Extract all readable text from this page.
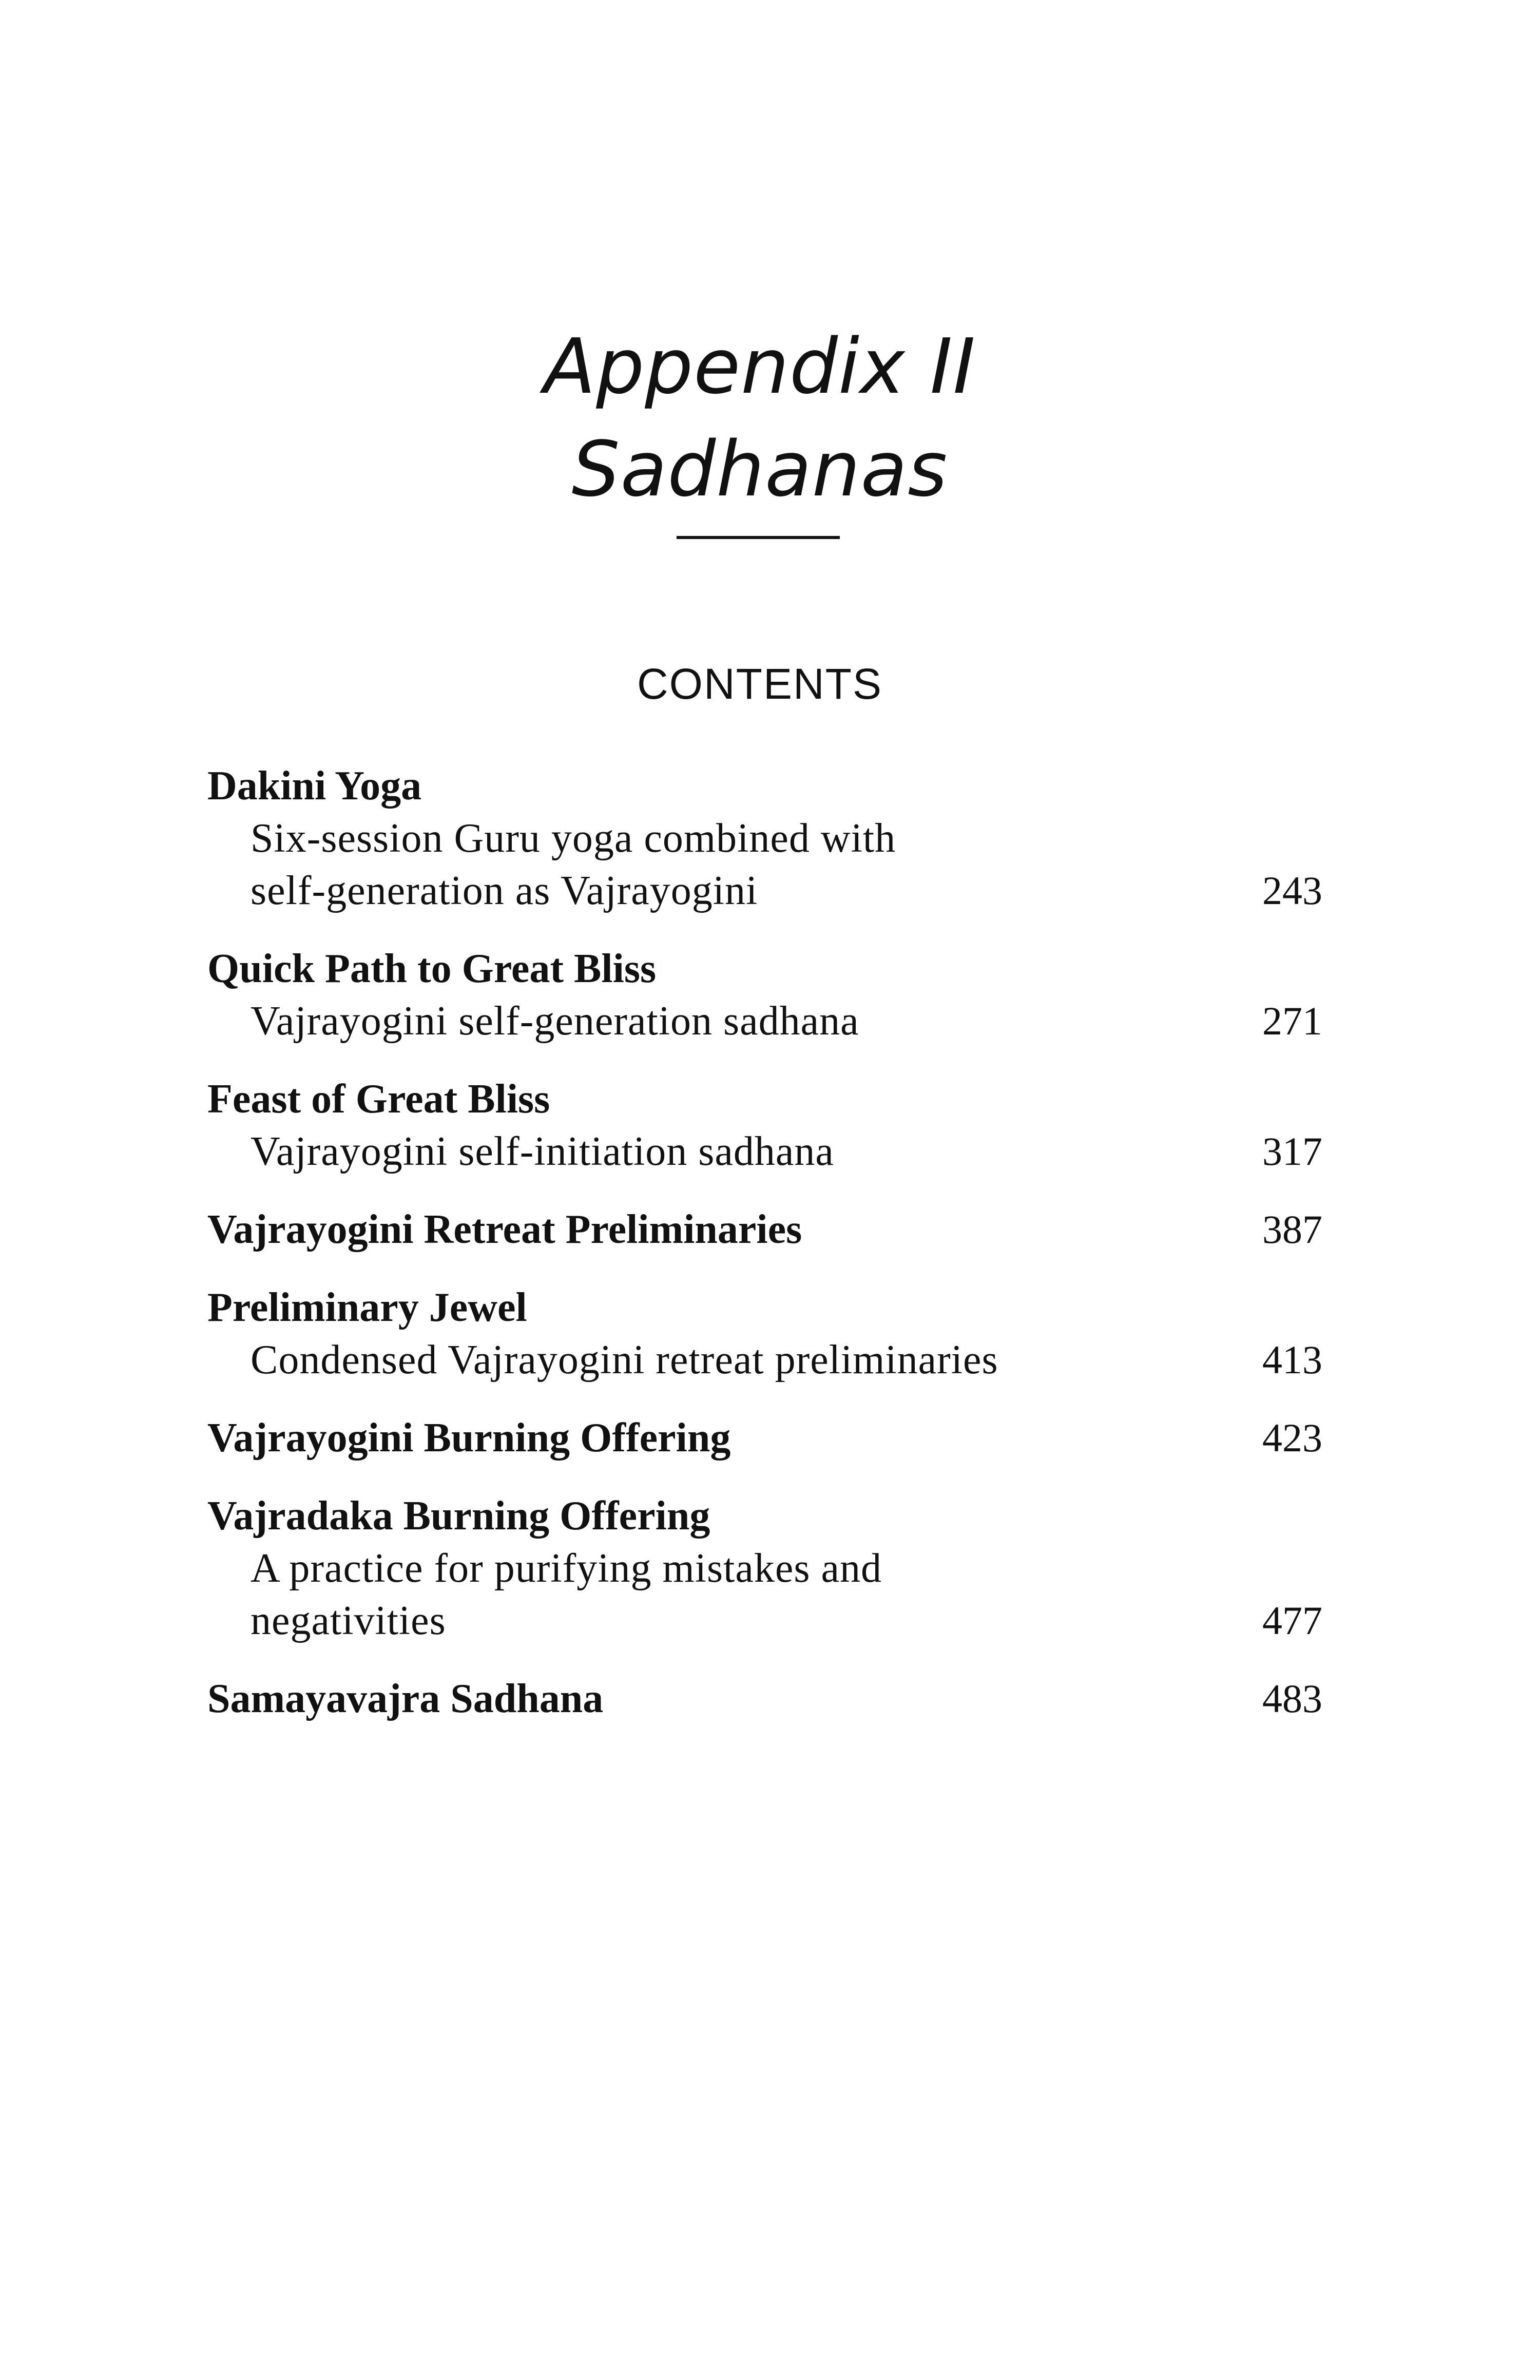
Appendix II
Sadhanas
CONTENTS
Dakini Yoga
Six-session Guru yoga combined with
self-generation as Vajrayogini	243
Quick Path to Great Bliss
Vajrayogini self-generation sadhana	271
Feast of Great Bliss
Vajrayogini self-initiation sadhana	317
Vajrayogini Retreat Preliminaries	387
Preliminary Jewel
Condensed Vajrayogini retreat preliminaries	413
Vajrayogini Burning Offering	423
Vajradaka Burning Offering
A practice for purifying mistakes and
negativities	477
Samayavajra Sadhana	483
